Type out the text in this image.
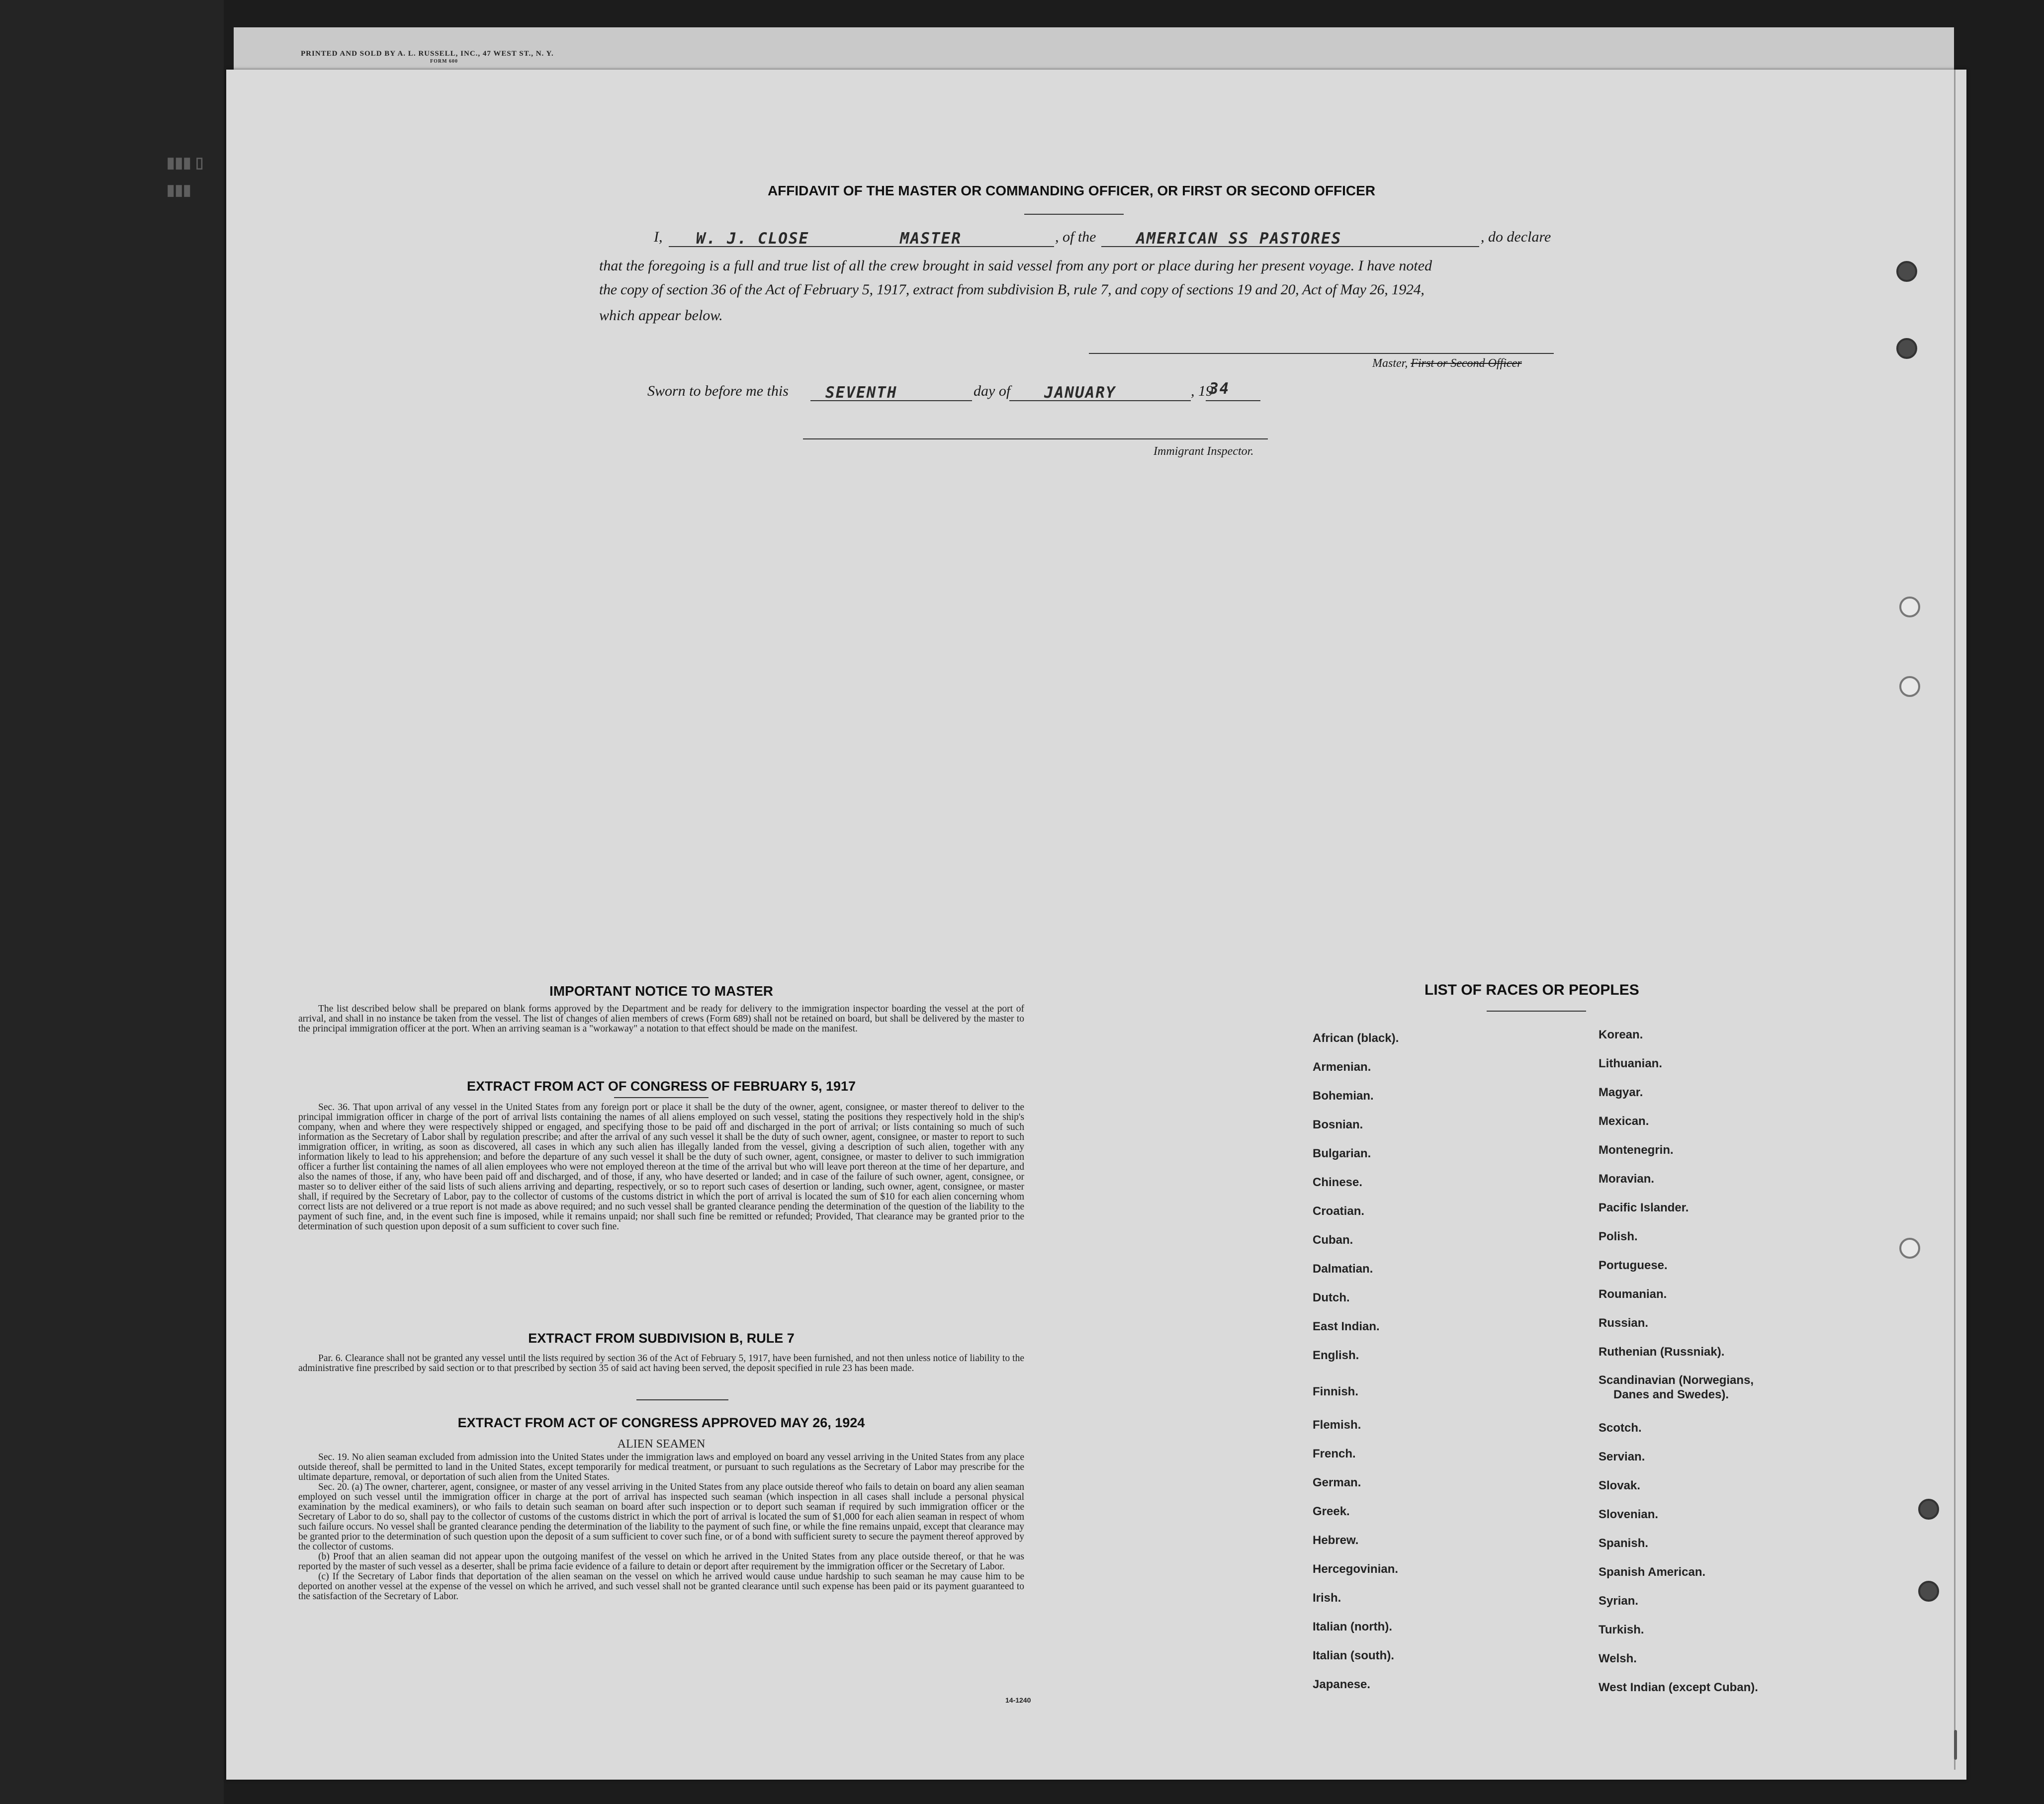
▮▮▮ ▯
▮▮▮
PRINTED AND SOLD BY A. L. RUSSELL, INC., 47 WEST ST., N. Y.
FORM 600
AFFIDAVIT OF THE MASTER OR COMMANDING OFFICER, OR FIRST OR SECOND OFFICER
I, W. J. CLOSE	MASTER	, of the	AMERICAN SS PASTORES	, do declare
that the foregoing is a full and true list of all the crew brought in said vessel from any port or place during her present voyage. I have noted
the copy of section 36 of the Act of February 5, 1917, extract from subdivision B, rule 7, and copy of sections 19 and 20, Act of May 26, 1924,
which appear below.
Master, First or Second Officer
Sworn to before me this SEVENTH	day of JANUARY	, 19
34
Immigrant Inspector.
IMPORTANT NOTICE TO MASTER

The list described below shall be prepared on blank forms approved by the Department and be ready for delivery to the immigration inspector boarding the vessel at the port of arrival, and shall in no instance be taken from the vessel. The list of changes of alien members of crews (Form 689) shall not be retained on board, but shall be delivered by the master to the principal immigration officer at the port. When an arriving seaman is a "workaway" a notation to that effect should be made on the manifest.

EXTRACT FROM ACT OF CONGRESS OF FEBRUARY 5, 1917

Sec. 36. That upon arrival of any vessel in the United States from any foreign port or place it shall be the duty of the owner, agent, consignee, or master thereof to deliver to the principal immigration officer in charge of the port of arrival lists containing the names of all aliens employed on such vessel, stating the positions they respectively hold in the ship's company, when and where they were respectively shipped or engaged, and specifying those to be paid off and discharged in the port of arrival; or lists containing so much of such information as the Secretary of Labor shall by regulation prescribe; and after the arrival of any such vessel it shall be the duty of such owner, agent, consignee, or master to report to such immigration officer, in writing, as soon as discovered, all cases in which any such alien has illegally landed from the vessel, giving a description of such alien, together with any information likely to lead to his apprehension; and before the departure of any such vessel it shall be the duty of such owner, agent, consignee, or master to deliver to such immigration officer a further list containing the names of all alien employees who were not employed thereon at the time of the arrival but who will leave port thereon at the time of her departure, and also the names of those, if any, who have been paid off and discharged, and of those, if any, who have deserted or landed; and in case of the failure of such owner, agent, consignee, or master so to deliver either of the said lists of such aliens arriving and departing, respectively, or so to report such cases of desertion or landing, such owner, agent, consignee, or master shall, if required by the Secretary of Labor, pay to the collector of customs of the customs district in which the port of arrival is located the sum of $10 for each alien concerning whom correct lists are not delivered or a true report is not made as above required; and no such vessel shall be granted clearance pending the determination of the question of the liability to the payment of such fine, and, in the event such fine is imposed, while it remains unpaid; nor shall such fine be remitted or refunded; Provided, That clearance may be granted prior to the determination of such question upon deposit of a sum sufficient to cover such fine.

EXTRACT FROM SUBDIVISION B, RULE 7

Par. 6. Clearance shall not be granted any vessel until the lists required by section 36 of the Act of February 5, 1917, have been furnished, and not then unless notice of liability to the administrative fine prescribed by said section or to that prescribed by section 35 of said act having been served, the deposit specified in rule 23 has been made.

EXTRACT FROM ACT OF CONGRESS APPROVED MAY 26, 1924
ALIEN SEAMEN

Sec. 19. No alien seaman excluded from admission into the United States under the immigration laws and employed on board any vessel arriving in the United States from any place outside thereof, shall be permitted to land in the United States, except temporarily for medical treatment, or pursuant to such regulations as the Secretary of Labor may prescribe for the ultimate departure, removal, or deportation of such alien from the United States.

Sec. 20. (a) The owner, charterer, agent, consignee, or master of any vessel arriving in the United States from any place outside thereof who fails to detain on board any alien seaman employed on such vessel until the immigration officer in charge at the port of arrival has inspected such seaman (which inspection in all cases shall include a personal physical examination by the medical examiners), or who fails to detain such seaman on board after such inspection or to deport such seaman if required by such immigration officer or the Secretary of Labor to do so, shall pay to the collector of customs of the customs district in which the port of arrival is located the sum of $1,000 for each alien seaman in respect of whom such failure occurs. No vessel shall be granted clearance pending the determination of the liability to the payment of such fine, or while the fine remains unpaid, except that clearance may be granted prior to the determination of such question upon the deposit of a sum sufficient to cover such fine, or of a bond with sufficient surety to secure the payment thereof approved by the collector of customs.

(b) Proof that an alien seaman did not appear upon the outgoing manifest of the vessel on which he arrived in the United States from any place outside thereof, or that he was reported by the master of such vessel as a deserter, shall be prima facie evidence of a failure to detain or deport after requirement by the immigration officer or the Secretary of Labor.

(c) If the Secretary of Labor finds that deportation of the alien seaman on the vessel on which he arrived would cause undue hardship to such seaman he may cause him to be deported on another vessel at the expense of the vessel on which he arrived, and such vessel shall not be granted clearance until such expense has been paid or its payment guaranteed to the satisfaction of the Secretary of Labor.

14-1240
LIST OF RACES OR PEOPLES
African (black).
Armenian.
Bohemian.
Bosnian.
Bulgarian.
Chinese.
Croatian.
Cuban.
Dalmatian.
Dutch.
East Indian.
English.
Finnish.
Flemish.
French.
German.
Greek.
Hebrew.
Hercegovinian.
Irish.
Italian (north).
Italian (south).
Japanese.
Korean.
Lithuanian.
Magyar.
Mexican.
Montenegrin.
Moravian.
Pacific Islander.
Polish.
Portuguese.
Roumanian.
Russian.
Ruthenian (Russniak).
Scandinavian (Norwegians,
Danes and Swedes).
Scotch.
Servian.
Slovak.
Slovenian.
Spanish.
Spanish American.
Syrian.
Turkish.
Welsh.
West Indian (except Cuban).
